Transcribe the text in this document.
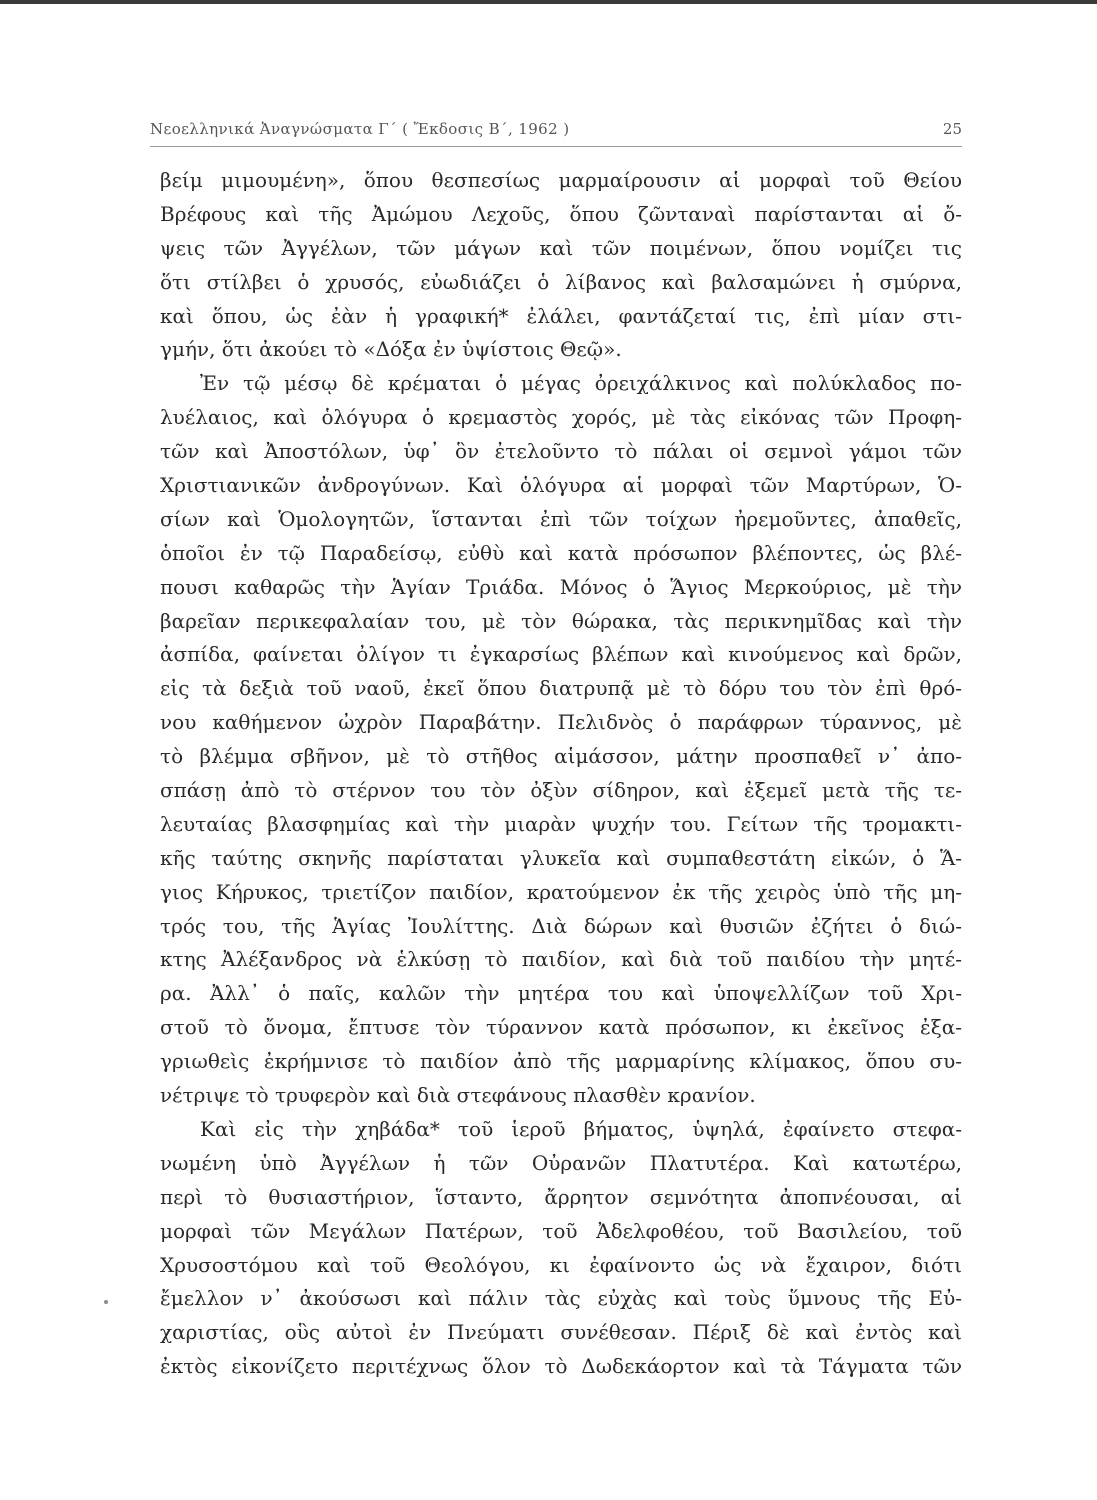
Νεοελληνικά Ἀναγνώσματα Γ΄ ( Ἔκδοσις Β΄, 1962 )	25
βείμ μιμουμένη», ὅπου θεσπεσίως μαρμαίρουσιν αἱ μορφαὶ τοῦ Θείου
Βρέφους καὶ τῆς Ἀμώμου Λεχοῦς, ὅπου ζῶνταναὶ παρίστανται αἱ ὄ-
ψεις τῶν Ἀγγέλων, τῶν μάγων καὶ τῶν ποιμένων, ὅπου νομίζει τις
ὅτι στίλβει ὁ χρυσός, εὐωδιάζει ὁ λίβανος καὶ βαλσαμώνει ἡ σμύρνα,
καὶ ὅπου, ὡς ἐὰν ἡ γραφική* ἐλάλει, φαντάζεταί τις, ἐπὶ μίαν στι-
γμήν, ὅτι ἀκούει τὸ «Δόξα ἐν ὑψίστοις Θεῷ».
Ἐν τῷ μέσῳ δὲ κρέμαται ὁ μέγας ὀρειχάλκινος καὶ πολύκλαδος πο-
λυέλαιος, καὶ ὁλόγυρα ὁ κρεμαστὸς χορός, μὲ τὰς εἰκόνας τῶν Προφη-
τῶν καὶ Ἀποστόλων, ὑφ᾿ ὃν ἐτελοῦντο τὸ πάλαι οἱ σεμνοὶ γάμοι τῶν
Χριστιανικῶν ἀνδρογύνων. Καὶ ὁλόγυρα αἱ μορφαὶ τῶν Μαρτύρων, Ὁ-
σίων καὶ Ὁμολογητῶν, ἵστανται ἐπὶ τῶν τοίχων ἠρεμοῦντες, ἀπαθεῖς,
ὁποῖοι ἐν τῷ Παραδείσῳ, εὐθὺ καὶ κατὰ πρόσωπον βλέποντες, ὡς βλέ-
πουσι καθαρῶς τὴν Ἁγίαν Τριάδα. Μόνος ὁ Ἅγιος Μερκούριος, μὲ τὴν
βαρεῖαν περικεφαλαίαν του, μὲ τὸν θώρακα, τὰς περικνημῖδας καὶ τὴν
ἀσπίδα, φαίνεται ὀλίγον τι ἐγκαρσίως βλέπων καὶ κινούμενος καὶ δρῶν,
εἰς τὰ δεξιὰ τοῦ ναοῦ, ἐκεῖ ὅπου διατρυπᾷ μὲ τὸ δόρυ του τὸν ἐπὶ θρό-
νου καθήμενον ὠχρὸν Παραβάτην. Πελιδνὸς ὁ παράφρων τύραννος, μὲ
τὸ βλέμμα σβῆνον, μὲ τὸ στῆθος αἱμάσσον, μάτην προσπαθεῖ ν᾿ ἀπο-
σπάσῃ ἀπὸ τὸ στέρνον του τὸν ὀξὺν σίδηρον, καὶ ἐξεμεῖ μετὰ τῆς τε-
λευταίας βλασφημίας καὶ τὴν μιαρὰν ψυχήν του. Γείτων τῆς τρομακτι-
κῆς ταύτης σκηνῆς παρίσταται γλυκεῖα καὶ συμπαθεστάτη εἰκών, ὁ Ἅ-
γιος Κήρυκος, τριετίζον παιδίον, κρατούμενον ἐκ τῆς χειρὸς ὑπὸ τῆς μη-
τρός του, τῆς Ἁγίας Ἰουλίττης. Διὰ δώρων καὶ θυσιῶν ἐζήτει ὁ διώ-
κτης Ἀλέξανδρος νὰ ἑλκύσῃ τὸ παιδίον, καὶ διὰ τοῦ παιδίου τὴν μητέ-
ρα. Ἀλλ᾿ ὁ παῖς, καλῶν τὴν μητέρα του καὶ ὑποψελλίζων τοῦ Χρι-
στοῦ τὸ ὄνομα, ἔπτυσε τὸν τύραννον κατὰ πρόσωπον, κι ἐκεῖνος ἐξα-
γριωθεὶς ἐκρήμνισε τὸ παιδίον ἀπὸ τῆς μαρμαρίνης κλίμακος, ὅπου συ-
νέτριψε τὸ τρυφερὸν καὶ διὰ στεφάνους πλασθὲν κρανίον.
Καὶ εἰς τὴν χηβάδα* τοῦ ἱεροῦ βήματος, ὑψηλά, ἐφαίνετο στεφα-
νωμένη ὑπὸ Ἀγγέλων ἡ τῶν Οὐρανῶν Πλατυτέρα. Καὶ κατωτέρω,
περὶ τὸ θυσιαστήριον, ἵσταντο, ἄρρητον σεμνότητα ἀποπνέουσαι, αἱ
μορφαὶ τῶν Μεγάλων Πατέρων, τοῦ Ἀδελφοθέου, τοῦ Βασιλείου, τοῦ
Χρυσοστόμου καὶ τοῦ Θεολόγου, κι ἐφαίνοντο ὡς νὰ ἔχαιρον, διότι
ἔμελλον ν᾿ ἀκούσωσι καὶ πάλιν τὰς εὐχὰς καὶ τοὺς ὕμνους τῆς Εὐ-
χαριστίας, οὓς αὐτοὶ ἐν Πνεύματι συνέθεσαν. Πέριξ δὲ καὶ ἐντὸς καὶ
ἐκτὸς εἰκονίζετο περιτέχνως ὅλον τὸ Δωδεκάορτον καὶ τὰ Τάγματα τῶν
